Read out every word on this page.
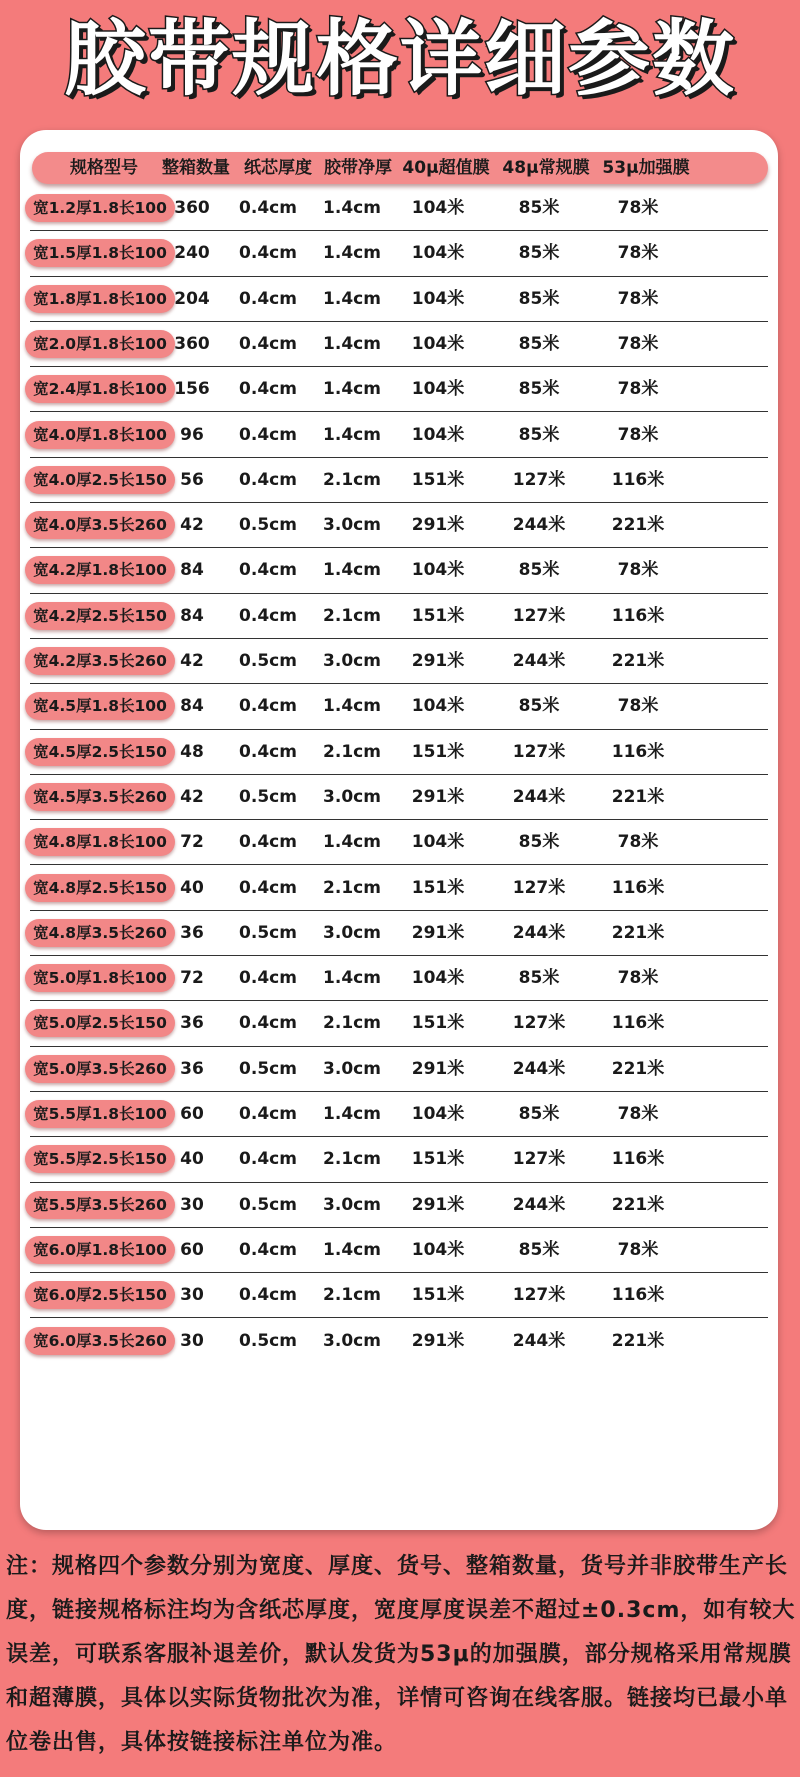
胶带规格详细参数
规格型号	整箱数量 纸芯厚度 胶带净厚 40μ超值膜 48μ常规膜 53μ加强膜
宽1.2厚1.8长100 360	0.4cm	1.4cm	104米	85米	78米
宽1.5厚1.8长100 240	0.4cm	1.4cm	104米	85米	78米
宽1.8厚1.8长100 204	0.4cm	1.4cm	104米	85米	78米
宽2.0厚1.8长100 360	0.4cm	1.4cm	104米	85米	78米
宽2.4厚1.8长100 156	0.4cm	1.4cm	104米	85米	78米
宽4.0厚1.8长100 96	0.4cm	1.4cm	104米	85米	78米
宽4.0厚2.5长150 56	0.4cm	2.1cm	151米	127米	116米
宽4.0厚3.5长260 42	0.5cm	3.0cm	291米	244米	221米
宽4.2厚1.8长100 84	0.4cm	1.4cm	104米	85米	78米
宽4.2厚2.5长150 84	0.4cm	2.1cm	151米	127米	116米
宽4.2厚3.5长260 42	0.5cm	3.0cm	291米	244米	221米
宽4.5厚1.8长100 84	0.4cm	1.4cm	104米	85米	78米
宽4.5厚2.5长150 48	0.4cm	2.1cm	151米	127米	116米
宽4.5厚3.5长260 42	0.5cm	3.0cm	291米	244米	221米
宽4.8厚1.8长100 72	0.4cm	1.4cm	104米	85米	78米
宽4.8厚2.5长150 40	0.4cm	2.1cm	151米	127米	116米
宽4.8厚3.5长260 36	0.5cm	3.0cm	291米	244米	221米
宽5.0厚1.8长100 72	0.4cm	1.4cm	104米	85米	78米
宽5.0厚2.5长150 36	0.4cm	2.1cm	151米	127米	116米
宽5.0厚3.5长260 36	0.5cm	3.0cm	291米	244米	221米
宽5.5厚1.8长100 60	0.4cm	1.4cm	104米	85米	78米
宽5.5厚2.5长150 40	0.4cm	2.1cm	151米	127米	116米
宽5.5厚3.5长260 30	0.5cm	3.0cm	291米	244米	221米
宽6.0厚1.8长100 60	0.4cm	1.4cm	104米	85米	78米
宽6.0厚2.5长150 30	0.4cm	2.1cm	151米	127米	116米
宽6.0厚3.5长260 30	0.5cm	3.0cm	291米	244米	221米
注：规格四个参数分别为宽度、厚度、货号、整箱数量，货号并非胶带生产长度，链接规格标注均为含纸芯厚度，宽度厚度误差不超过±0.3cm，如有较大误差，可联系客服补退差价，默认发货为53μ的加强膜，部分规格采用常规膜和超薄膜，具体以实际货物批次为准，详情可咨询在线客服。链接均已最小单位卷出售，具体按链接标注单位为准。
